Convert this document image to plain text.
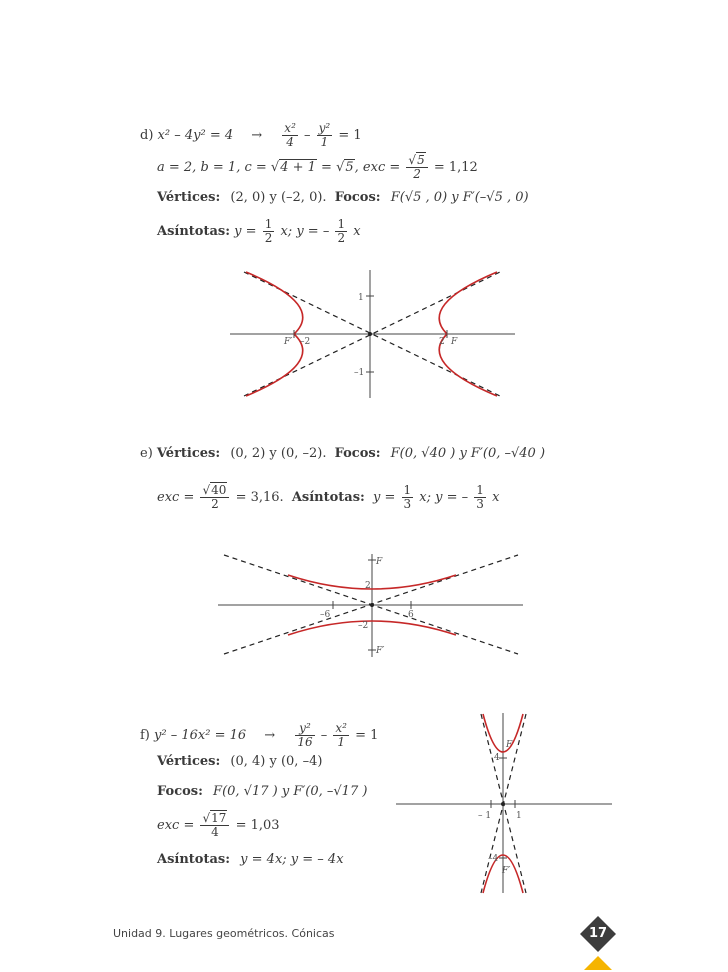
d) $x^2 - 4y^2 = 4 \to \frac{\text{x²}}{4} - \frac{\text{y²}}{1} = 1$
a = 2, b = 1, c = √4 + 1 = √5, exc = $\frac{√5}{2} = 1,12$
Vértices: (2, 0) y (–2, 0). Focos: F(√5 , 0) y F′(–√5 , 0)
Asíntotas: $y = \frac{1}{2} x$; y = – $\frac{1}{2}$ x
1
–1
–2	2
F′	F
e) Vértices: (0, 2) y (0, –2). Focos: F(0, √40 ) y F′(0, –√40 )
exc = $\frac{√40}{2} = 3,16$. Asíntotas: $y = \frac{1}{3} x$; y = – $\frac{1}{3}$ x
F
F′
2
–2
–6	6
f) $y^2 - 16x^2 = 16 \to \frac{\text{y²}}{16} - \frac{\text{x²}}{1} = 1$
Vértices: (0, 4) y (0, –4)
Focos: F(0, √17 ) y F′(0, –√17 )
exc = $\frac{√17}{4} = 1,03$
Asíntotas: y = 4x; y = – 4x
F
F′
4
–4
– 1	1
Unidad 9. Lugares geométricos. Cónicas	17
